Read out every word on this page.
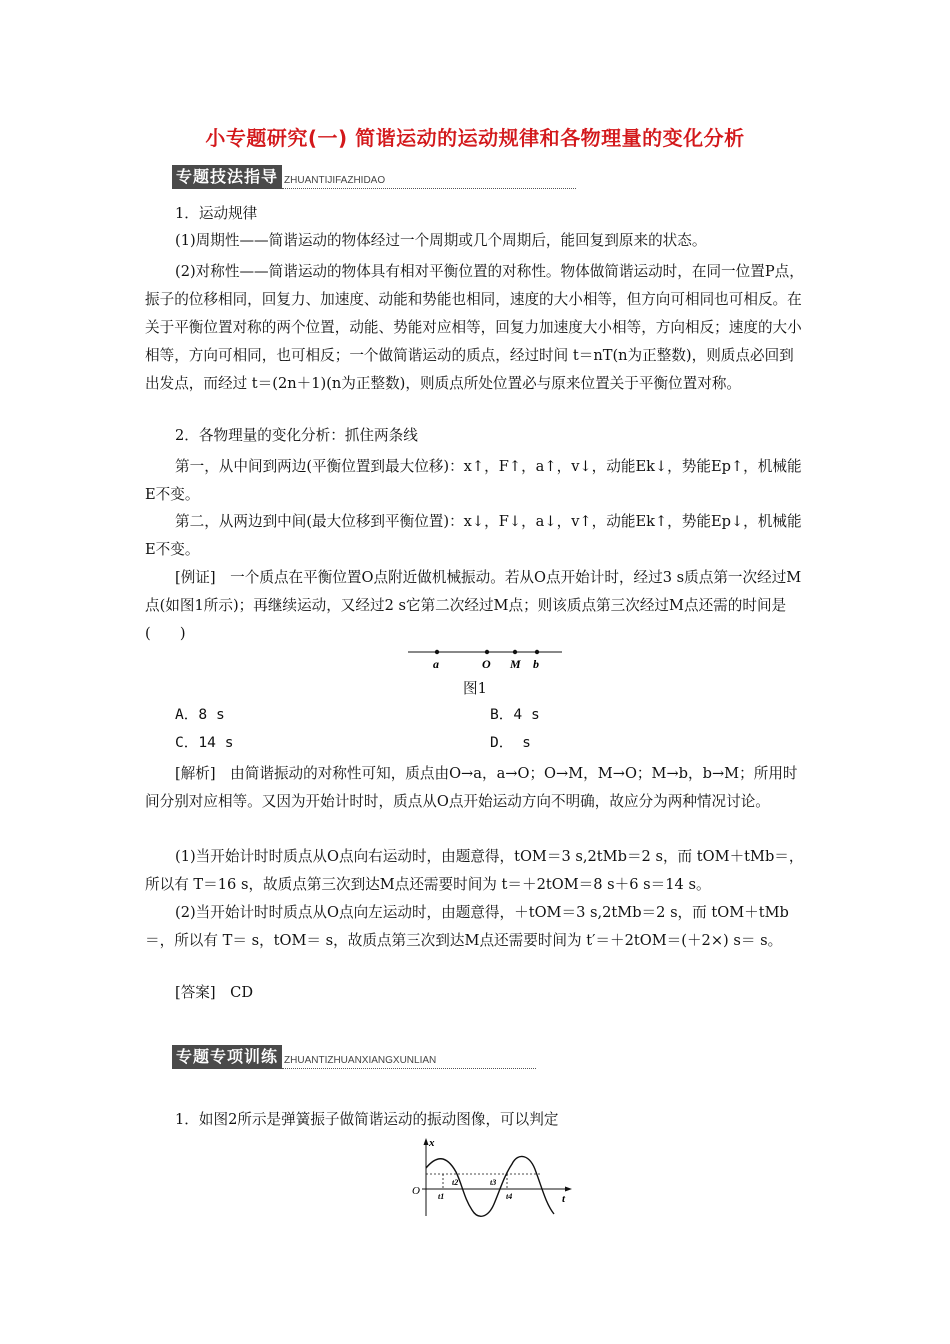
小专题研究(一) 简谐运动的运动规律和各物理量的变化分析
专题技法指导 ZHUANTIJIFAZHIDAO
1．运动规律
(1)周期性——简谐运动的物体经过一个周期或几个周期后，能回复到原来的状态。
(2)对称性——简谐运动的物体具有相对平衡位置的对称性。物体做简谐运动时，在同一位置P点，振子的位移相同，回复力、加速度、动能和势能也相同，速度的大小相等，但方向可相同也可相反。在关于平衡位置对称的两个位置，动能、势能对应相等，回复力加速度大小相等，方向相反；速度的大小相等，方向可相同，也可相反；一个做简谐运动的质点，经过时间 t＝nT(n为正整数)，则质点必回到出发点，而经过 t＝(2n＋1)(n为正整数)，则质点所处位置必与原来位置关于平衡位置对称。
2．各物理量的变化分析：抓住两条线
第一，从中间到两边(平衡位置到最大位移)：x↑，F↑，a↑，v↓，动能Ek↓，势能Ep↑，机械能E不变。
第二，从两边到中间(最大位移到平衡位置)：x↓，F↓，a↓，v↑，动能Ek↑，势能Ep↓，机械能E不变。
[例证]　一个质点在平衡位置O点附近做机械振动。若从O点开始计时，经过3 s质点第一次经过M点(如图1所示)；再继续运动，又经过2 s它第二次经过M点；则该质点第三次经过M点还需的时间是(　　)
a	O M b
图1
A．8 s	B．4 s
C．14 s	D． s
[解析]　由简谐振动的对称性可知，质点由O→a，a→O；O→M，M→O；M→b，b→M；所用时间分别对应相等。又因为开始计时时，质点从O点开始运动方向不明确，故应分为两种情况讨论。
(1)当开始计时时质点从O点向右运动时，由题意得，tOM＝3 s,2tMb＝2 s，而 tOM＋tMb＝，所以有 T＝16 s，故质点第三次到达M点还需要时间为 t＝＋2tOM＝8 s＋6 s＝14 s。
(2)当开始计时时质点从O点向左运动时，由题意得，＋tOM＝3 s,2tMb＝2 s，而 tOM＋tMb＝，所以有 T＝ s，tOM＝ s，故质点第三次到达M点还需要时间为 t′＝＋2tOM＝(＋2×) s＝ s。
[答案]　CD
专题专项训练 ZHUANTIZHUANXIANGXUNLIAN
1．如图2所示是弹簧振子做简谐运动的振动图像，可以判定
x
O
t
t1
t2	t3
t4
